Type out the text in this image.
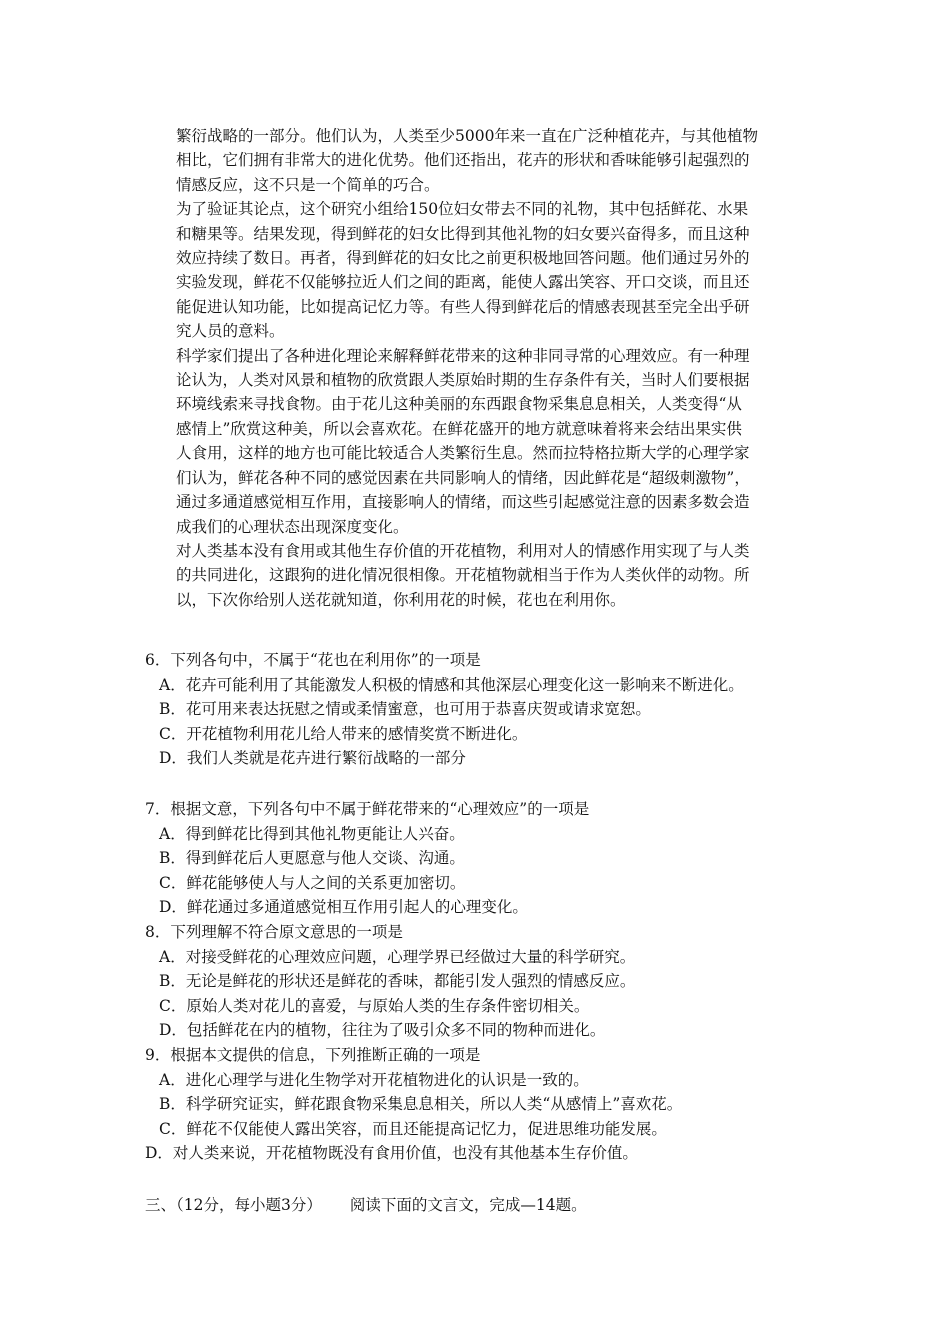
繁衍战略的一部分。他们认为，人类至少5000年来一直在广泛种植花卉，与其他植物
相比，它们拥有非常大的进化优势。他们还指出，花卉的形状和香味能够引起强烈的
情感反应，这不只是一个简单的巧合。
为了验证其论点，这个研究小组给150位妇女带去不同的礼物，其中包括鲜花、水果
和糖果等。结果发现，得到鲜花的妇女比得到其他礼物的妇女要兴奋得多，而且这种
效应持续了数日。再者，得到鲜花的妇女比之前更积极地回答问题。他们通过另外的
实验发现，鲜花不仅能够拉近人们之间的距离，能使人露出笑容、开口交谈，而且还
能促进认知功能，比如提高记忆力等。有些人得到鲜花后的情感表现甚至完全出乎研
究人员的意料。
科学家们提出了各种进化理论来解释鲜花带来的这种非同寻常的心理效应。有一种理
论认为，人类对风景和植物的欣赏跟人类原始时期的生存条件有关，当时人们要根据
环境线索来寻找食物。由于花儿这种美丽的东西跟食物采集息息相关，人类变得“从
感情上”欣赏这种美，所以会喜欢花。在鲜花盛开的地方就意味着将来会结出果实供
人食用，这样的地方也可能比较适合人类繁衍生息。然而拉特格拉斯大学的心理学家
们认为，鲜花各种不同的感觉因素在共同影响人的情绪，因此鲜花是“超级刺激物”，
通过多通道感觉相互作用，直接影响人的情绪，而这些引起感觉注意的因素多数会造
成我们的心理状态出现深度变化。
对人类基本没有食用或其他生存价值的开花植物，利用对人的情感作用实现了与人类
的共同进化，这跟狗的进化情况很相像。开花植物就相当于作为人类伙伴的动物。所
以，下次你给别人送花就知道，你利用花的时候，花也在利用你。
6．下列各句中，不属于“花也在利用你”的一项是
A．花卉可能利用了其能激发人积极的情感和其他深层心理变化这一影响来不断进化。
B．花可用来表达抚慰之情或柔情蜜意，也可用于恭喜庆贺或请求宽恕。
C．开花植物利用花儿给人带来的感情奖赏不断进化。
D．我们人类就是花卉进行繁衍战略的一部分
7．根据文意，下列各句中不属于鲜花带来的“心理效应”的一项是
A．得到鲜花比得到其他礼物更能让人兴奋。
B．得到鲜花后人更愿意与他人交谈、沟通。
C．鲜花能够使人与人之间的关系更加密切。
D．鲜花通过多通道感觉相互作用引起人的心理变化。
8．下列理解不符合原文意思的一项是
A．对接受鲜花的心理效应问题，心理学界已经做过大量的科学研究。
B．无论是鲜花的形状还是鲜花的香味，都能引发人强烈的情感反应。
C．原始人类对花儿的喜爱，与原始人类的生存条件密切相关。
D．包括鲜花在内的植物，往往为了吸引众多不同的物种而进化。
9．根据本文提供的信息，下列推断正确的一项是
A．进化心理学与进化生物学对开花植物进化的认识是一致的。
B．科学研究证实，鲜花跟食物采集息息相关，所以人类“从感情上”喜欢花。
C．鲜花不仅能使人露出笑容，而且还能提高记忆力，促进思维功能发展。
D．对人类来说，开花植物既没有食用价值，也没有其他基本生存价值。
三、（12分，每小题3分） 阅读下面的文言文，完成—14题。
